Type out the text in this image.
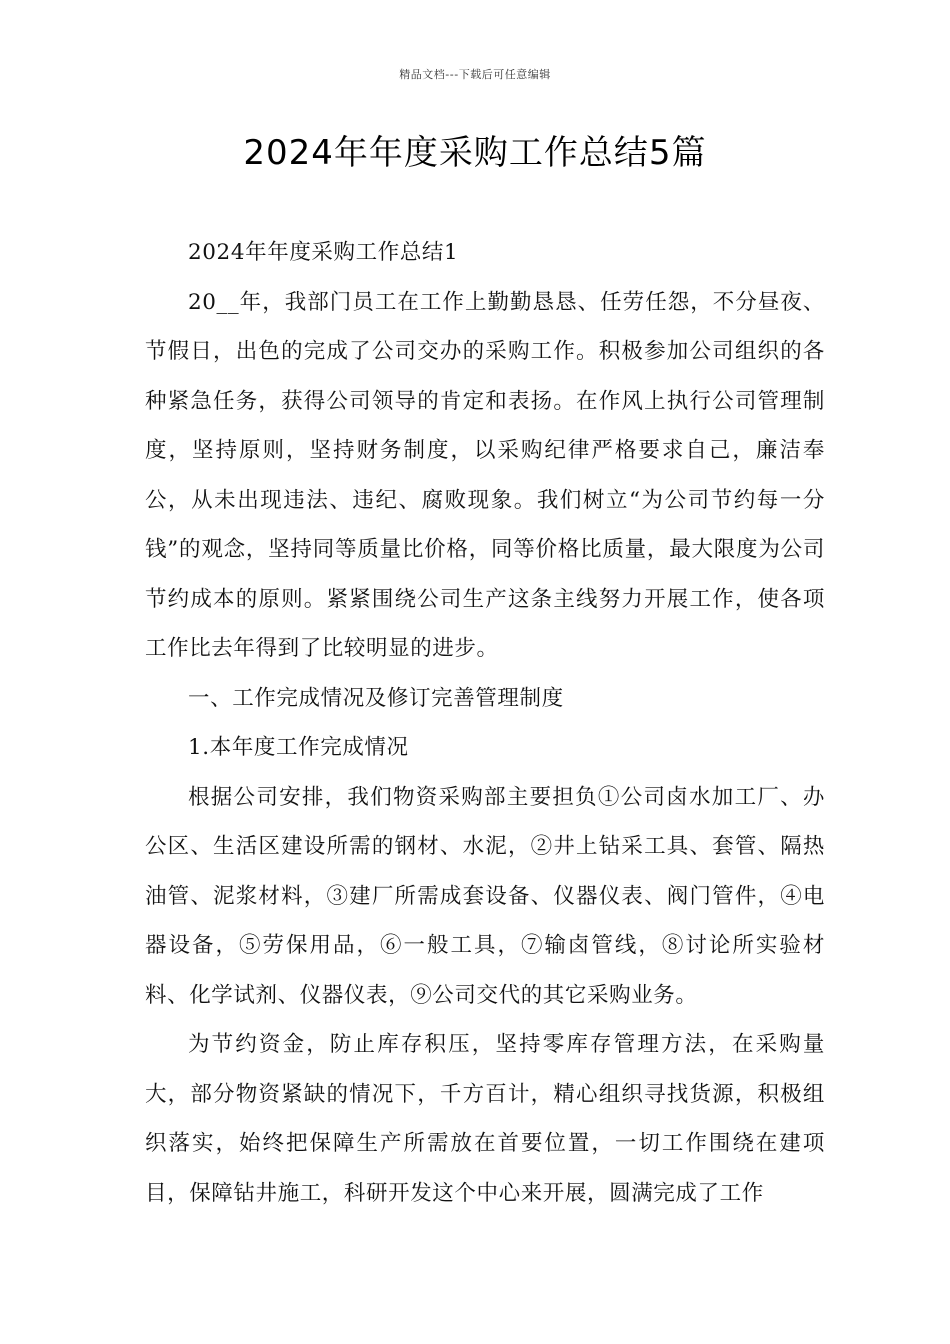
精品文档---下载后可任意编辑
2024年年度采购工作总结5篇

2024年年度采购工作总结1

20__年，我部门员工在工作上勤勤恳恳、任劳任怨，不分昼夜、节假日，出色的完成了公司交办的采购工作。积极参加公司组织的各种紧急任务，获得公司领导的肯定和表扬。在作风上执行公司管理制度，坚持原则，坚持财务制度，以采购纪律严格要求自己，廉洁奉公，从未出现违法、违纪、腐败现象。我们树立“为公司节约每一分钱”的观念，坚持同等质量比价格，同等价格比质量，最大限度为公司节约成本的原则。紧紧围绕公司生产这条主线努力开展工作，使各项工作比去年得到了比较明显的进步。

一、工作完成情况及修订完善管理制度

1.本年度工作完成情况

根据公司安排，我们物资采购部主要担负①公司卤水加工厂、办公区、生活区建设所需的钢材、水泥，②井上钻采工具、套管、隔热油管、泥浆材料，③建厂所需成套设备、仪器仪表、阀门管件，④电器设备，⑤劳保用品，⑥一般工具，⑦输卤管线，⑧讨论所实验材料、化学试剂、仪器仪表，⑨公司交代的其它采购业务。

为节约资金，防止库存积压，坚持零库存管理方法，在采购量大，部分物资紧缺的情况下，千方百计，精心组织寻找货源，积极组织落实，始终把保障生产所需放在首要位置，一切工作围绕在建项目，保障钻井施工，科研开发这个中心来开展，圆满完成了工作
